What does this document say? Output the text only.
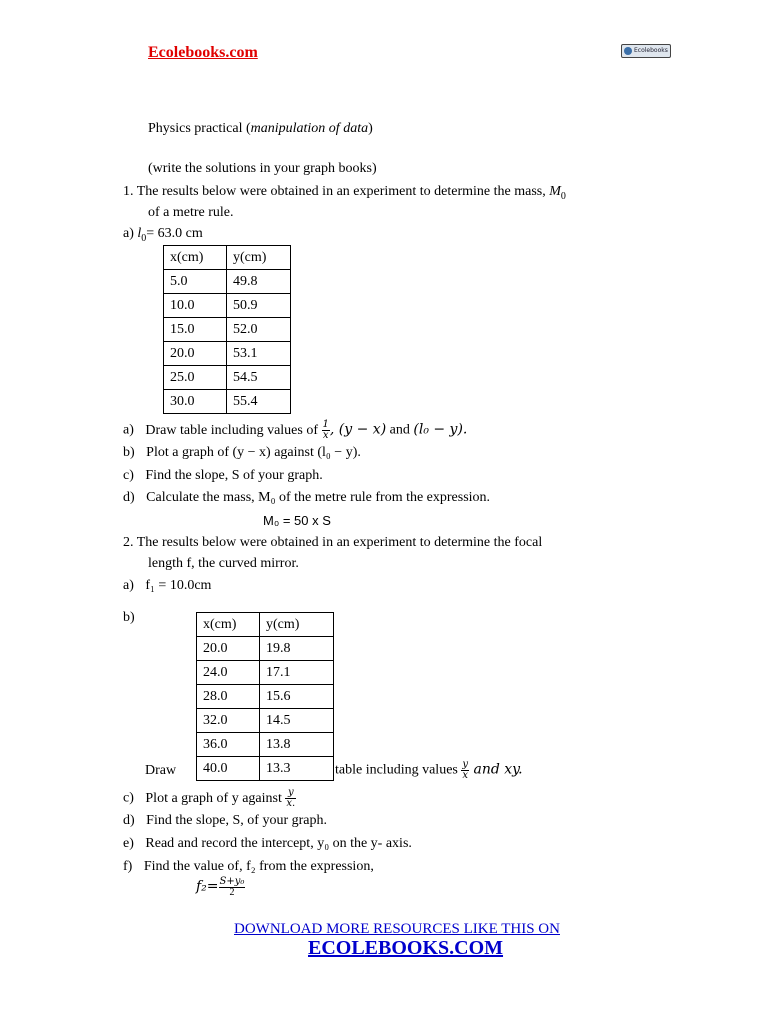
Ecolebooks.com	Ecolebooks
Physics practical (manipulation of data)
(write the solutions in your graph books)
1. The results below were obtained in an experiment to determine the mass, $M_0$
of a metre rule.
a) $l_0= 63.0$ cm
x(cm)	y(cm)
5.0	49.8
10.0	50.9
15.0	52.0
20.0	53.1
25.0	54.5
30.0	55.4
a) Draw table including values of $\frac{1}{x}$ , (y − x) and (l₀ − y).
b) Plot a graph of (y − x) against (l₀ − y).
c) Find the slope, S of your graph.
d) Calculate the mass, M₀ of the metre rule from the expression.
M₀ = 50 x S
2. The results below were obtained in an experiment to determine the focal
length f, the curved mirror.
a) f₁ = 10.0cm
b)	x(cm)	y(cm)
20.0	19.8
24.0	17.1
28.0	15.6
32.0	14.5
36.0	13.8
40.0	13.3
Draw	table including values $\frac{y}{x}$ and xy.
c) Plot a graph of y against $\frac{y}{x.}$
d) Find the slope, S, of your graph.
e) Read and record the intercept, y₀ on the y- axis.
f) Find the value of, f₂ from the expression,
$f_2= \frac{\text{S+y₀}}{2}$
DOWNLOAD MORE RESOURCES LIKE THIS ON
ECOLEBOOKS.COM
